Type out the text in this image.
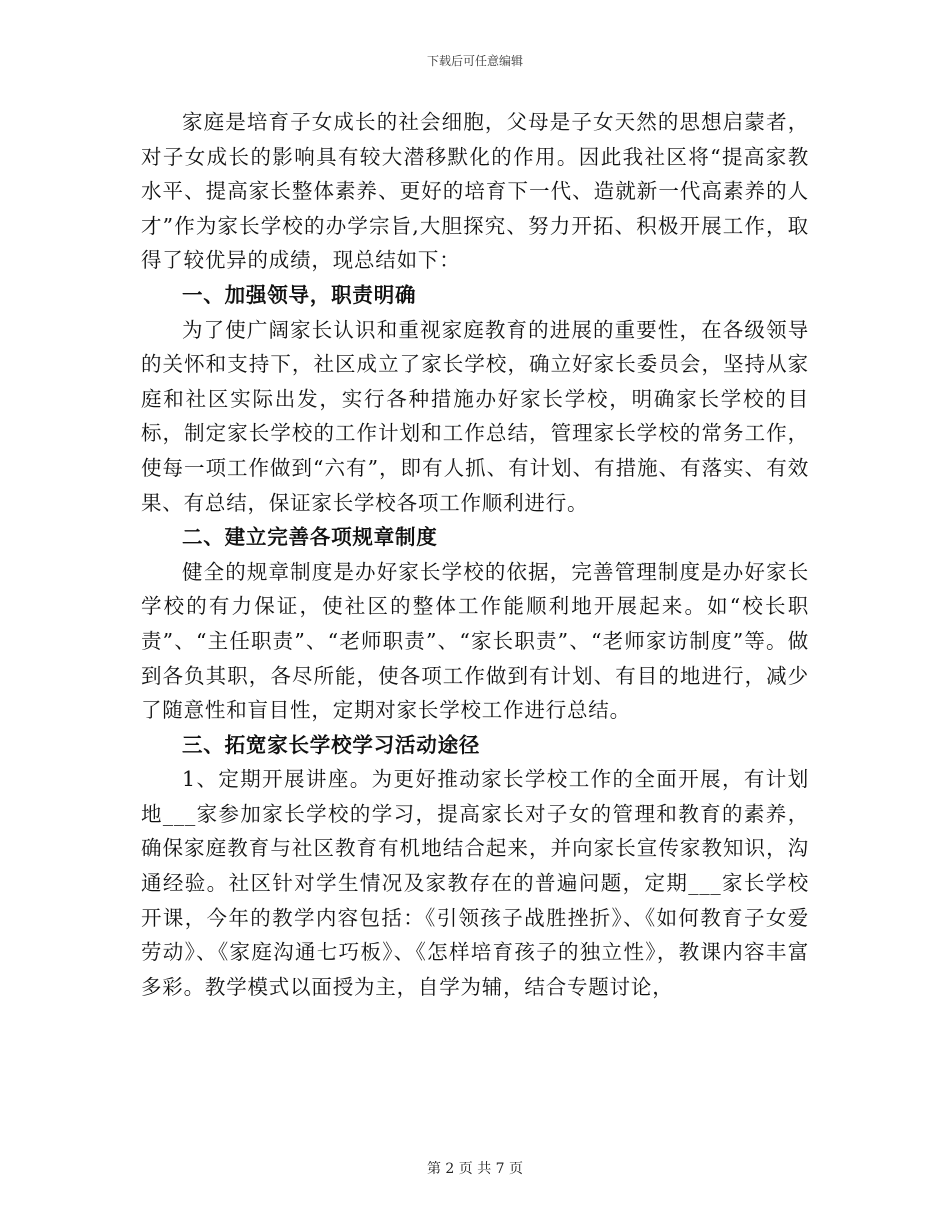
下载后可任意编辑

家庭是培育子女成长的社会细胞，父母是子女天然的思想启蒙者，对子女成长的影响具有较大潜移默化的作用。因此我社区将“提高家教水平、提高家长整体素养、更好的培育下一代、造就新一代高素养的人才”作为家长学校的办学宗旨,大胆探究、努力开拓、积极开展工作，取得了较优异的成绩，现总结如下：

一、加强领导，职责明确

为了使广阔家长认识和重视家庭教育的进展的重要性，在各级领导的关怀和支持下，社区成立了家长学校，确立好家长委员会，坚持从家庭和社区实际出发，实行各种措施办好家长学校，明确家长学校的目标，制定家长学校的工作计划和工作总结，管理家长学校的常务工作，使每一项工作做到“六有”，即有人抓、有计划、有措施、有落实、有效果、有总结，保证家长学校各项工作顺利进行。

二、建立完善各项规章制度

健全的规章制度是办好家长学校的依据，完善管理制度是办好家长学校的有力保证，使社区的整体工作能顺利地开展起来。如“校长职责”、“主任职责”、“老师职责”、“家长职责”、“老师家访制度”等。做到各负其职，各尽所能，使各项工作做到有计划、有目的地进行，减少了随意性和盲目性，定期对家长学校工作进行总结。

三、拓宽家长学校学习活动途径

1、定期开展讲座。为更好推动家长学校工作的全面开展，有计划地___家参加家长学校的学习，提高家长对子女的管理和教育的素养，确保家庭教育与社区教育有机地结合起来，并向家长宣传家教知识，沟通经验。社区针对学生情况及家教存在的普遍问题，定期___家长学校开课，今年的教学内容包括：《引领孩子战胜挫折》、《如何教育子女爱劳动》、《家庭沟通七巧板》、《怎样培育孩子的独立性》，教课内容丰富多彩。教学模式以面授为主，自学为辅，结合专题讨论，

第 2 页 共 7 页
